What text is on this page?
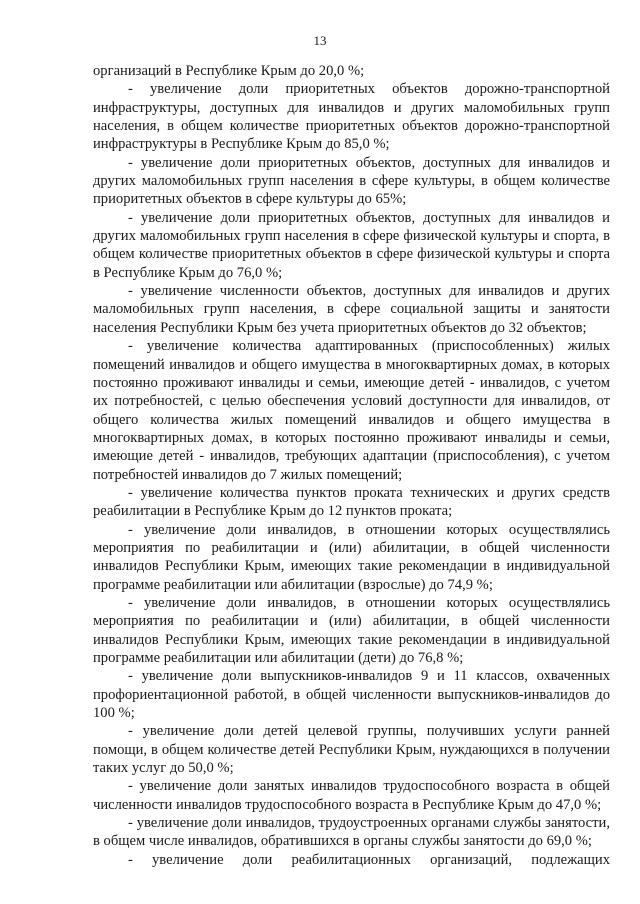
13

организаций в Республике Крым до 20,0 %;

- увеличение доли приоритетных объектов дорожно-транспортной инфраструктуры, доступных для инвалидов и других маломобильных групп населения, в общем количестве приоритетных объектов дорожно-транспортной инфраструктуры в Республике Крым до 85,0 %;

- увеличение доли приоритетных объектов, доступных для инвалидов и других маломобильных групп населения в сфере культуры, в общем количестве приоритетных объектов в сфере культуры до 65%;

- увеличение доли приоритетных объектов, доступных для инвалидов и других маломобильных групп населения в сфере физической культуры и спорта, в общем количестве приоритетных объектов в сфере физической культуры и спорта в Республике Крым до 76,0 %;

- увеличение численности объектов, доступных для инвалидов и других маломобильных групп населения, в сфере социальной защиты и занятости населения Республики Крым без учета приоритетных объектов до 32 объектов;

- увеличение количества адаптированных (приспособленных) жилых помещений инвалидов и общего имущества в многоквартирных домах, в которых постоянно проживают инвалиды и семьи, имеющие детей - инвалидов, с учетом их потребностей, с целью обеспечения условий доступности для инвалидов, от общего количества жилых помещений инвалидов и общего имущества в многоквартирных домах, в которых постоянно проживают инвалиды и семьи, имеющие детей - инвалидов, требующих адаптации (приспособления), с учетом потребностей инвалидов до 7 жилых помещений;

- увеличение количества пунктов проката технических и других средств реабилитации в Республике Крым до 12 пунктов проката;

- увеличение доли инвалидов, в отношении которых осуществлялись мероприятия по реабилитации и (или) абилитации, в общей численности инвалидов Республики Крым, имеющих такие рекомендации в индивидуальной программе реабилитации или абилитации (взрослые) до 74,9 %;

- увеличение доли инвалидов, в отношении которых осуществлялись мероприятия по реабилитации и (или) абилитации, в общей численности инвалидов Республики Крым, имеющих такие рекомендации в индивидуальной программе реабилитации или абилитации (дети) до 76,8 %;

- увеличение доли выпускников-инвалидов 9 и 11 классов, охваченных профориентационной работой, в общей численности выпускников-инвалидов до 100 %;

- увеличение доли детей целевой группы, получивших услуги ранней помощи, в общем количестве детей Республики Крым, нуждающихся в получении таких услуг до 50,0 %;

- увеличение доли занятых инвалидов трудоспособного возраста в общей численности инвалидов трудоспособного возраста в Республике Крым до 47,0 %;

- увеличение доли инвалидов, трудоустроенных органами службы занятости, в общем числе инвалидов, обратившихся в органы службы занятости до 69,0 %;

- увеличение доли реабилитационных организаций, подлежащих
